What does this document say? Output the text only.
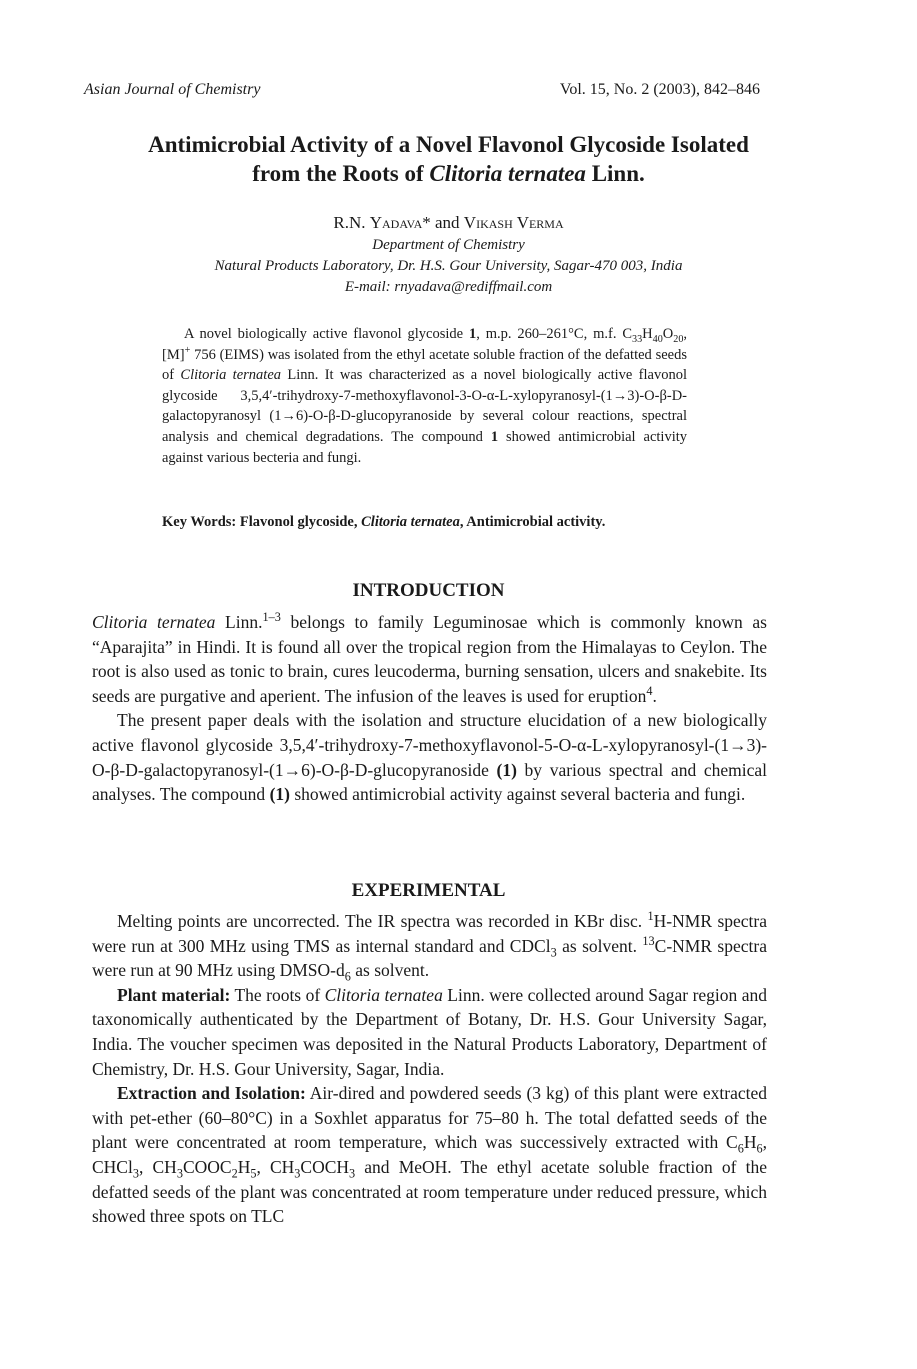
Asian Journal of Chemistry	Vol. 15, No. 2 (2003), 842–846
Antimicrobial Activity of a Novel Flavonol Glycoside Isolated
from the Roots of Clitoria ternatea Linn.
R.N. Yadava* and Vikash Verma
Department of Chemistry
Natural Products Laboratory, Dr. H.S. Gour University, Sagar-470 003, India
E-mail: rnyadava@rediffmail.com

A novel biologically active flavonol glycoside 1, m.p. 260–261°C, m.f. $C_{33}H_{40}O_{20}$, [M]+ 756 (EIMS) was isolated from the ethyl acetate soluble fraction of the defatted seeds of Clitoria ternatea Linn. It was characterized as a novel biologically active flavonol glycoside 3,5,4′-trihydroxy-7-methoxyflavonol-3-O-α-L-xylopyranosyl-(1→3)-O-β-D-galactopyranosyl (1→6)-O-β-D-glucopyranoside by several colour reactions, spectral analysis and chemical degradations. The compound 1 showed antimicrobial activity against various becteria and fungi.

Key Words: Flavonol glycoside, Clitoria ternatea, Antimicrobial activity.
INTRODUCTION

Clitoria ternatea Linn.$^{1-3}$ belongs to family Leguminosae which is commonly known as “Aparajita” in Hindi. It is found all over the tropical region from the Himalayas to Ceylon. The root is also used as tonic to brain, cures leucoderma, burning sensation, ulcers and snakebite. Its seeds are purgative and aperient. The infusion of the leaves is used for eruption$^4$.

The present paper deals with the isolation and structure elucidation of a new biologically active flavonol glycoside 3,5,4′-trihydroxy-7-methoxyflavonol-5-O-α-L-xylopyranosyl-(1→3)-O-β-D-galactopyranosyl-(1→6)-O-β-D-glucopyranoside (1) by various spectral and chemical analyses. The compound (1) showed antimicrobial activity against several bacteria and fungi.

EXPERIMENTAL

Melting points are uncorrected. The IR spectra was recorded in KBr disc. $^1$H-NMR spectra were run at 300 MHz using TMS as internal standard and CDCl$_3$ as solvent. $^{13}$C-NMR spectra were run at 90 MHz using DMSO-$d_6$ as solvent.

Plant material: The roots of Clitoria ternatea Linn. were collected around Sagar region and taxonomically authenticated by the Department of Botany, Dr. H.S. Gour University Sagar, India. The voucher specimen was deposited in the Natural Products Laboratory, Department of Chemistry, Dr. H.S. Gour University, Sagar, India.

Extraction and Isolation: Air-dired and powdered seeds (3 kg) of this plant were extracted with pet-ether (60–80°C) in a Soxhlet apparatus for 75–80 h. The total defatted seeds of the plant were concentrated at room temperature, which was successively extracted with $C_6H_6$, CHCl$_3$, $CH_3COOC_2H_5$, $CH_3COCH_3$ and MeOH. The ethyl acetate soluble fraction of the defatted seeds of the plant was concentrated at room temperature under reduced pressure, which showed three spots on TLC
